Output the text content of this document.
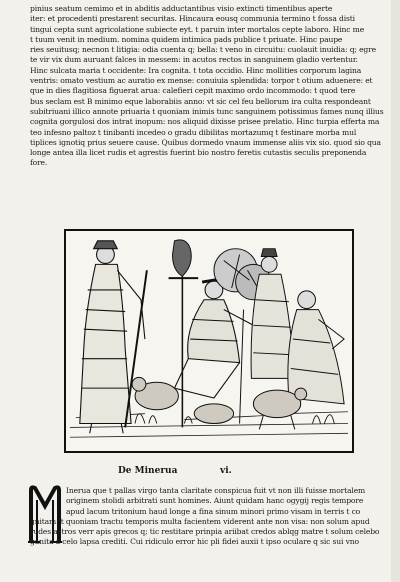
pinius seatum cemimo et in abditis adductantibus visio extincti timentibus aperte
iter: et procedenti prestarent securitas. Hincaura eousq communia termino t fossa disti
tingui cepta sunt agricolatione subiecte eyt. t paruin inter mortalos cepte laboro. Hinc me
t tuum venit in medium. nomina quidem intimica pads publice t priuate. Hinc paupe
ries seuitusq; necnon t litigia: odia cuenta q; bella: t veno in circuitu: cuolauit inuidia: q; egre
te vir vix dum auruant falces in messem: in acutos rectos in sanguinem gladio vertentur.
Hinc sulcata maria t occidente: Ira cognita. t tota occidio. Hinc mollities corporum lagina
ventris: omato vestium ac auratio ex mense: conuiuia splendida: torpor t otium aduenere: et
que in dies flagitiosa figuerat arua: calefieri cepit maximo ordo incommodo: t quod tere
bus seclam est B minimo eque laborabiis anno: vt sic cel feu bellorum ira culta respondeant
subitriuani illico annote priuaria t quoniam inimis tunc sanguinem potissimus fames nunq illius
cognita gorgulosi dos intrat inopum: nos aliquid dixisse prisee prelatio. Hinc turpia efferta ma
teo infesno paltoz t tinibanti incedeo o gradu dibilitas mortazumq t festinare morba mul
tiplices ignotiq prius seuere cause. Quibus dormedo vnaum immense aliis vix sio. quod sio qua
longe antea illa licet rudis et agrestis fuerint bio nostro feretis cutastis seculis preponenda
fore.
De Minerua	vi.
Inerua que t pallas virgo tanta claritate conspicua fuit vt non illi fuisse mortalem
originem stolidi arbitrati sunt homines. Aiunt quidam hanc ogygij regis tempore
apud lacum tritonium haud longe a fina sinum minori primo visam in terris t co
gnitam: t quoniam tractu temporis multa facientem viderent ante non visa: non solum apud
rudes astros verr apis grecos q; tic restitare prinpia ariibat credos ablqg matre t solum celebo
ganita a celo lapsa crediti. Cui ridiculo error hic pli fidei auxii t ipso oculare q sic sui vno
